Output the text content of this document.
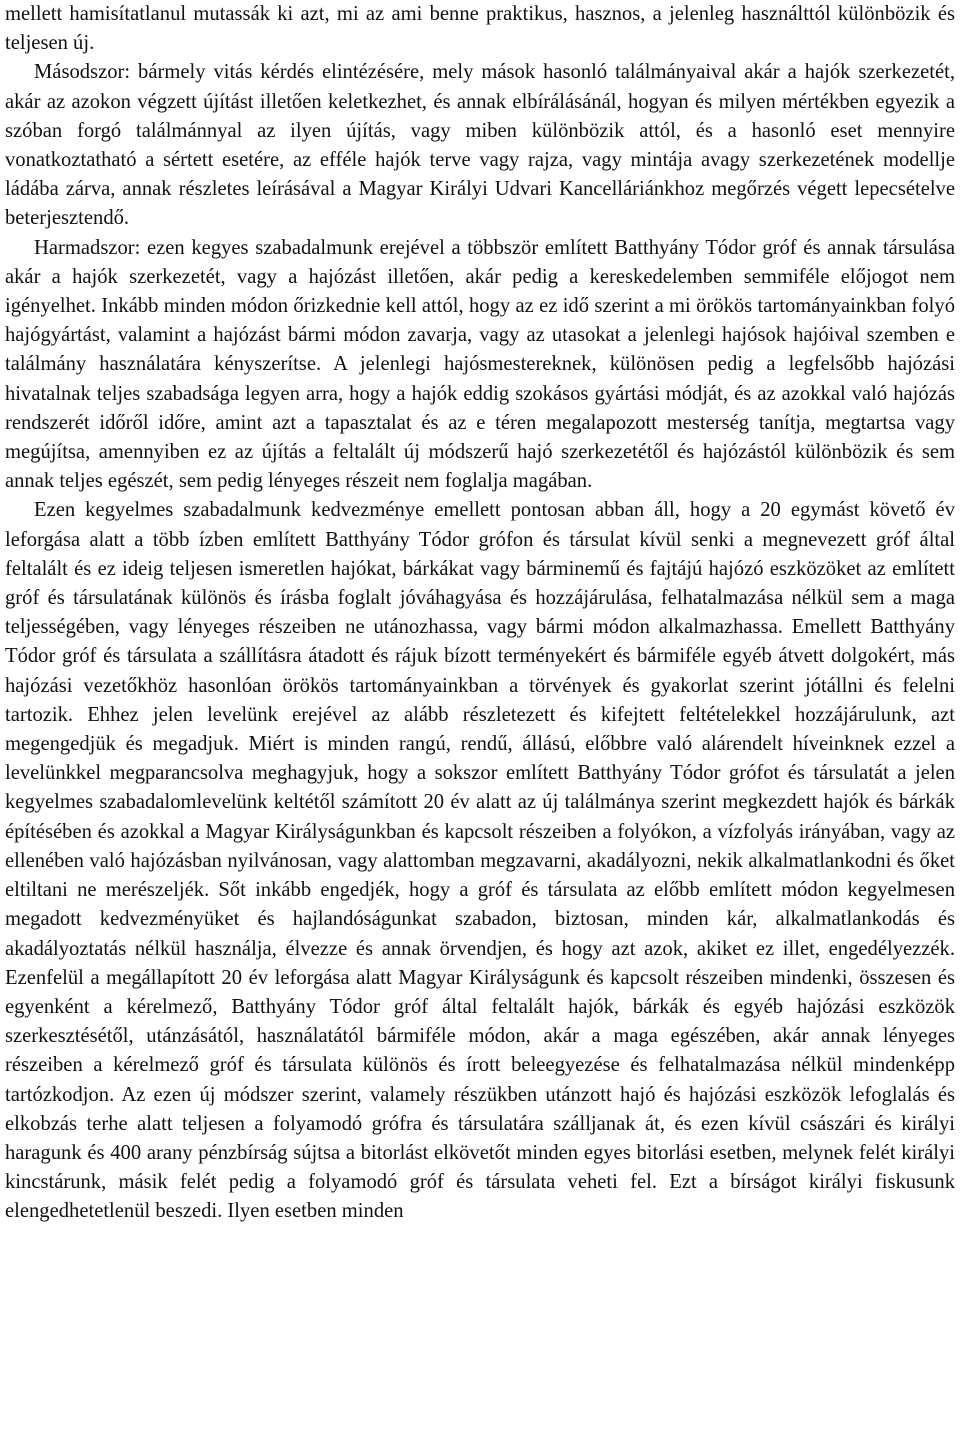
mellett hamisítatlanul mutassák ki azt, mi az ami benne praktikus, hasznos, a jelenleg használttól különbözik és teljesen új.

Másodszor: bármely vitás kérdés elintézésére, mely mások hasonló találmányaival akár a hajók szerkezetét, akár az azokon végzett újítást illetően keletkezhet, és annak elbírálásánál, hogyan és milyen mértékben egyezik a szóban forgó találmánnyal az ilyen újítás, vagy miben különbözik attól, és a hasonló eset mennyire vonatkoztatható a sértett esetére, az efféle hajók terve vagy rajza, vagy mintája avagy szerkezetének modellje ládába zárva, annak részletes leírásával a Magyar Királyi Udvari Kancelláriánkhoz megőrzés végett lepecsételve beterjesztendő.

Harmadszor: ezen kegyes szabadalmunk erejével a többször említett Batthyány Tódor gróf és annak társulása akár a hajók szerkezetét, vagy a hajózást illetően, akár pedig a kereskedelemben semmiféle előjogot nem igényelhet. Inkább minden módon őrizkednie kell attól, hogy az ez idő szerint a mi örökös tartományainkban folyó hajógyártást, valamint a hajózást bármi módon zavarja, vagy az utasokat a jelenlegi hajósok hajóival szemben e találmány használatára kényszerítse. A jelenlegi hajósmestereknek, különösen pedig a legfelsőbb hajózási hivatalnak teljes szabadsága legyen arra, hogy a hajók eddig szokásos gyártási módját, és az azokkal való hajózás rendszerét időről időre, amint azt a tapasztalat és az e téren megalapozott mesterség tanítja, megtartsa vagy megújítsa, amennyiben ez az újítás a feltalált új módszerű hajó szerkezetétől és hajózástól különbözik és sem annak teljes egészét, sem pedig lényeges részeit nem foglalja magában.

Ezen kegyelmes szabadalmunk kedvezménye emellett pontosan abban áll, hogy a 20 egymást követő év leforgása alatt a több ízben említett Batthyány Tódor grófon és társulat kívül senki a megnevezett gróf által feltalált és ez ideig teljesen ismeretlen hajókat, bárkákat vagy bárminemű és fajtájú hajózó eszközöket az említett gróf és társulatának különös és írásba foglalt jóváhagyása és hozzájárulása, felhatalmazása nélkül sem a maga teljességében, vagy lényeges részeiben ne utánozhassa, vagy bármi módon alkalmazhassa. Emellett Batthyány Tódor gróf és társulata a szállításra átadott és rájuk bízott terményekért és bármiféle egyéb átvett dolgokért, más hajózási vezetőkhöz hasonlóan örökös tartományainkban a törvények és gyakorlat szerint jótállni és felelni tartozik. Ehhez jelen levelünk erejével az alább részletezett és kifejtett feltételekkel hozzájárulunk, azt megengedjük és megadjuk. Miért is minden rangú, rendű, állású, előbbre való alárendelt híveinknek ezzel a levelünkkel megparancsolva meghagyjuk, hogy a sokszor említett Batthyány Tódor grófot és társulatát a jelen kegyelmes szabadalomlevelünk keltétől számított 20 év alatt az új találmánya szerint megkezdett hajók és bárkák építésében és azokkal a Magyar Királyságunkban és kapcsolt részeiben a folyókon, a vízfolyás irányában, vagy az ellenében való hajózásban nyilvánosan, vagy alattomban megzavarni, akadályozni, nekik alkalmatlankodni és őket eltiltani ne merészeljék. Sőt inkább engedjék, hogy a gróf és társulata az előbb említett módon kegyelmesen megadott kedvezményüket és hajlandóságunkat szabadon, biztosan, minden kár, alkalmatlankodás és akadályoztatás nélkül használja, élvezze és annak örvendjen, és hogy azt azok, akiket ez illet, engedélyezzék. Ezenfelül a megállapított 20 év leforgása alatt Magyar Királyságunk és kapcsolt részeiben mindenki, összesen és egyenként a kérelmező, Batthyány Tódor gróf által feltalált hajók, bárkák és egyéb hajózási eszközök szerkesztésétől, utánzásától, használatától bármiféle módon, akár a maga egészében, akár annak lényeges részeiben a kérelmező gróf és társulata különös és írott beleegyezése és felhatalmazása nélkül mindenképp tartózkodjon. Az ezen új módszer szerint, valamely részükben utánzott hajó és hajózási eszközök lefoglalás és elkobzás terhe alatt teljesen a folyamodó grófra és társulatára szálljanak át, és ezen kívül császári és királyi haragunk és 400 arany pénzbírság sújtsa a bitorlást elkövetőt minden egyes bitorlási esetben, melynek felét királyi kincstárunk, másik felét pedig a folyamodó gróf és társulata veheti fel. Ezt a bírságot királyi fiskusunk elengedhetetlenül beszedi. Ilyen esetben minden
